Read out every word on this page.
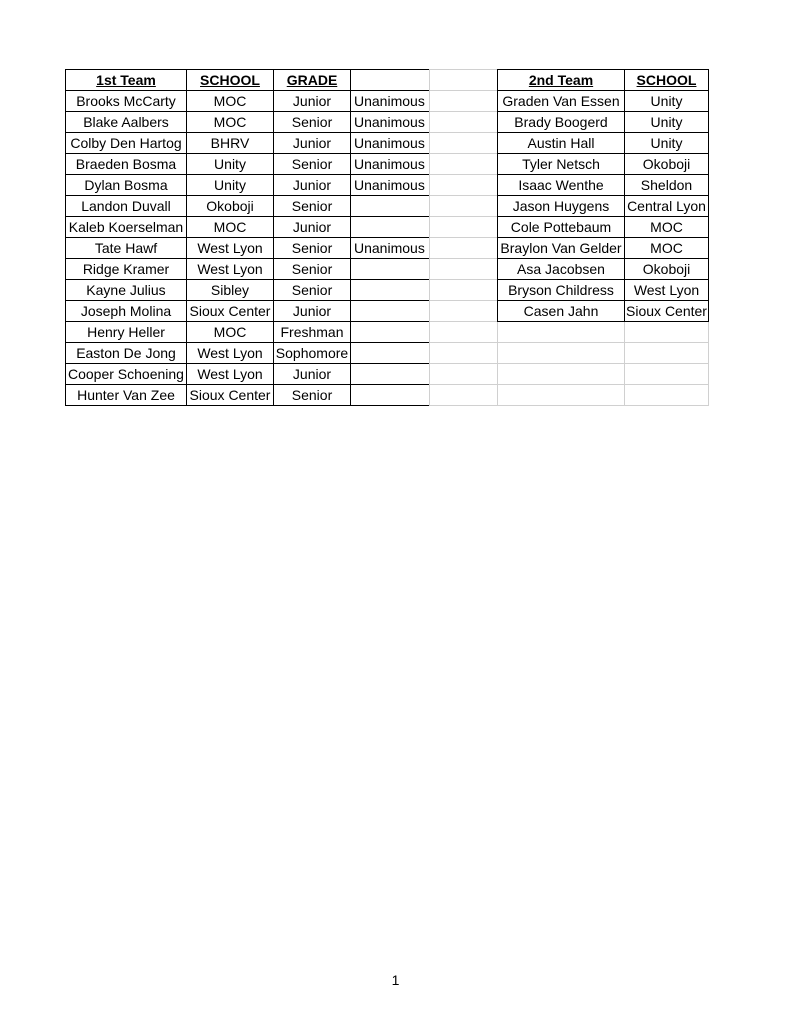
1st Team	SCHOOL	GRADE	
Brooks McCarty	MOC	Junior	Unanimous
Blake Aalbers	MOC	Senior	Unanimous
Colby Den Hartog	BHRV	Junior	Unanimous
Braeden Bosma	Unity	Senior	Unanimous
Dylan Bosma	Unity	Junior	Unanimous
Landon Duvall	Okoboji	Senior	
Kaleb Koerselman	MOC	Junior	
Tate Hawf	West Lyon	Senior	Unanimous
Ridge Kramer	West Lyon	Senior	
Kayne Julius	Sibley	Senior	
Joseph Molina	Sioux Center	Junior	
Henry Heller	MOC	Freshman	
Easton De Jong	West Lyon	Sophomore	
Cooper Schoening	West Lyon	Junior	
Hunter Van Zee	Sioux Center	Senior	

2nd Team	SCHOOL
Graden Van Essen	Unity
Brady Boogerd	Unity
Austin Hall	Unity
Tyler Netsch	Okoboji
Isaac Wenthe	Sheldon
Jason Huygens	Central Lyon
Cole Pottebaum	MOC
Braylon Van Gelder	MOC
Asa Jacobsen	Okoboji
Bryson Childress	West Lyon
Casen Jahn	Sioux Center

1
